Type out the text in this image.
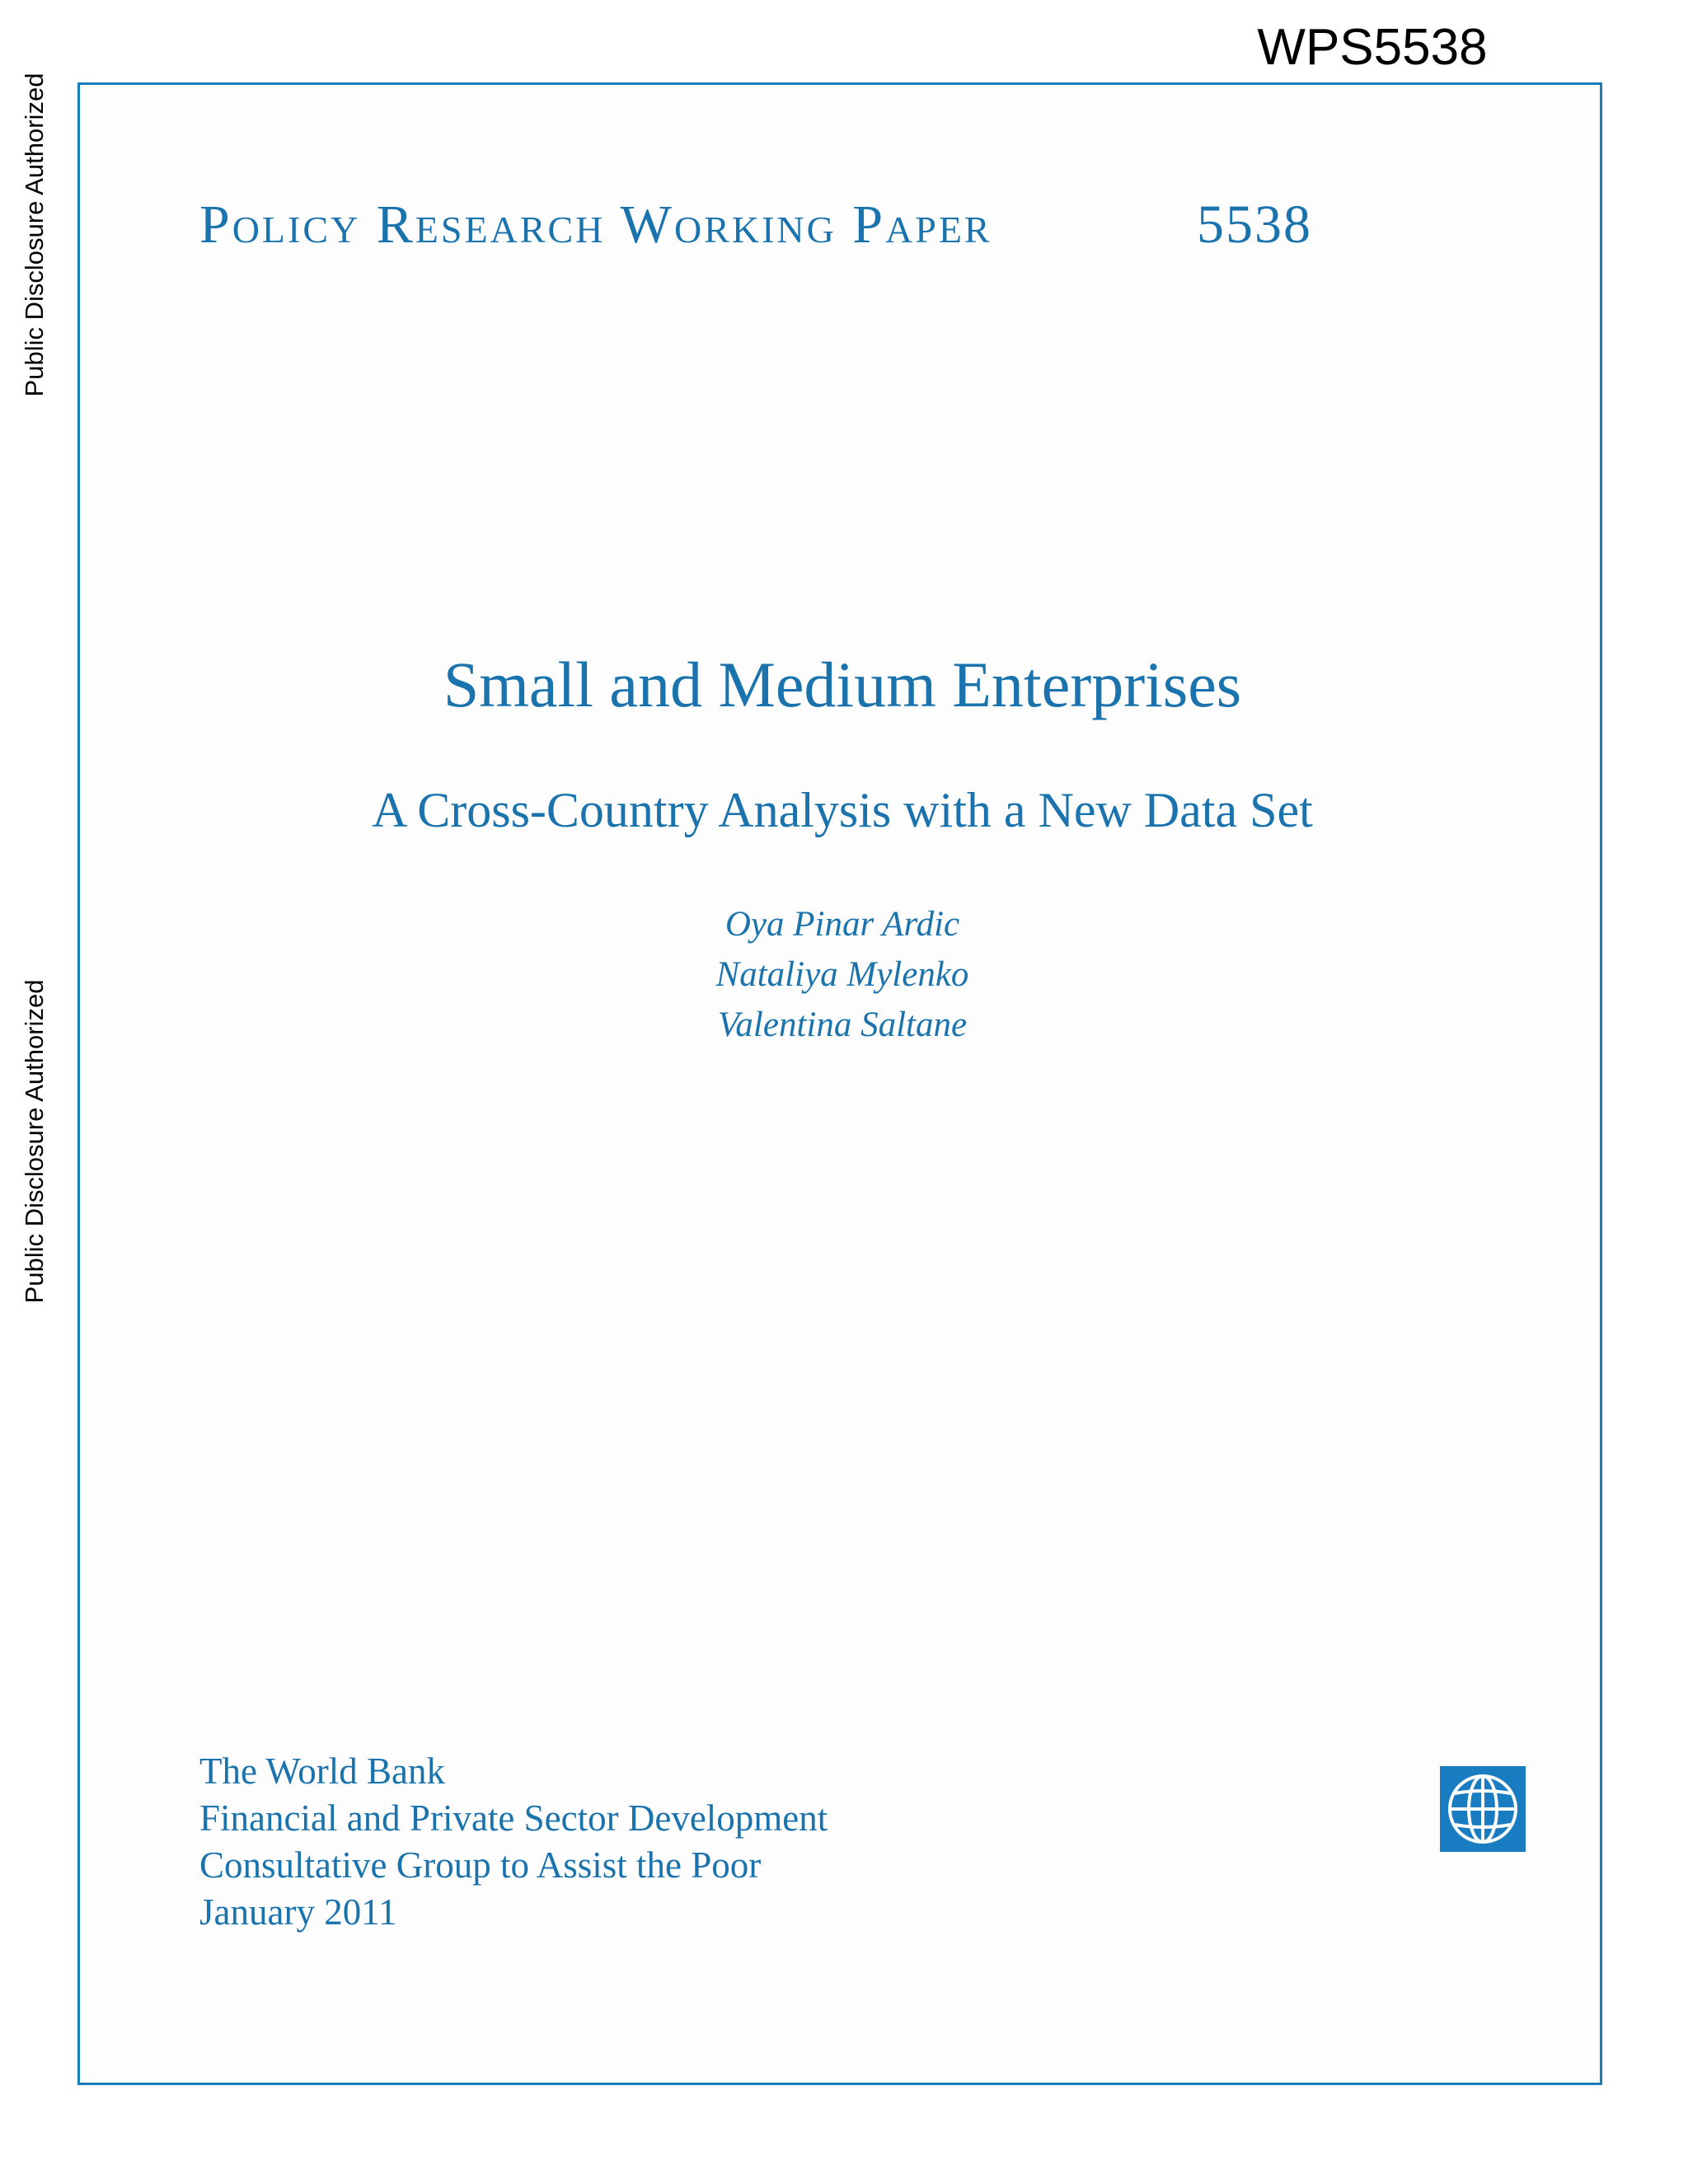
WPS5538
Public Disclosure Authorized
Public Disclosure Authorized
Policy Research Working Paper	5538
Small and Medium Enterprises
A Cross-Country Analysis with a New Data Set
Oya Pinar Ardic
Nataliya Mylenko
Valentina Saltane
The World Bank
Financial and Private Sector Development
Consultative Group to Assist the Poor
January 2011
